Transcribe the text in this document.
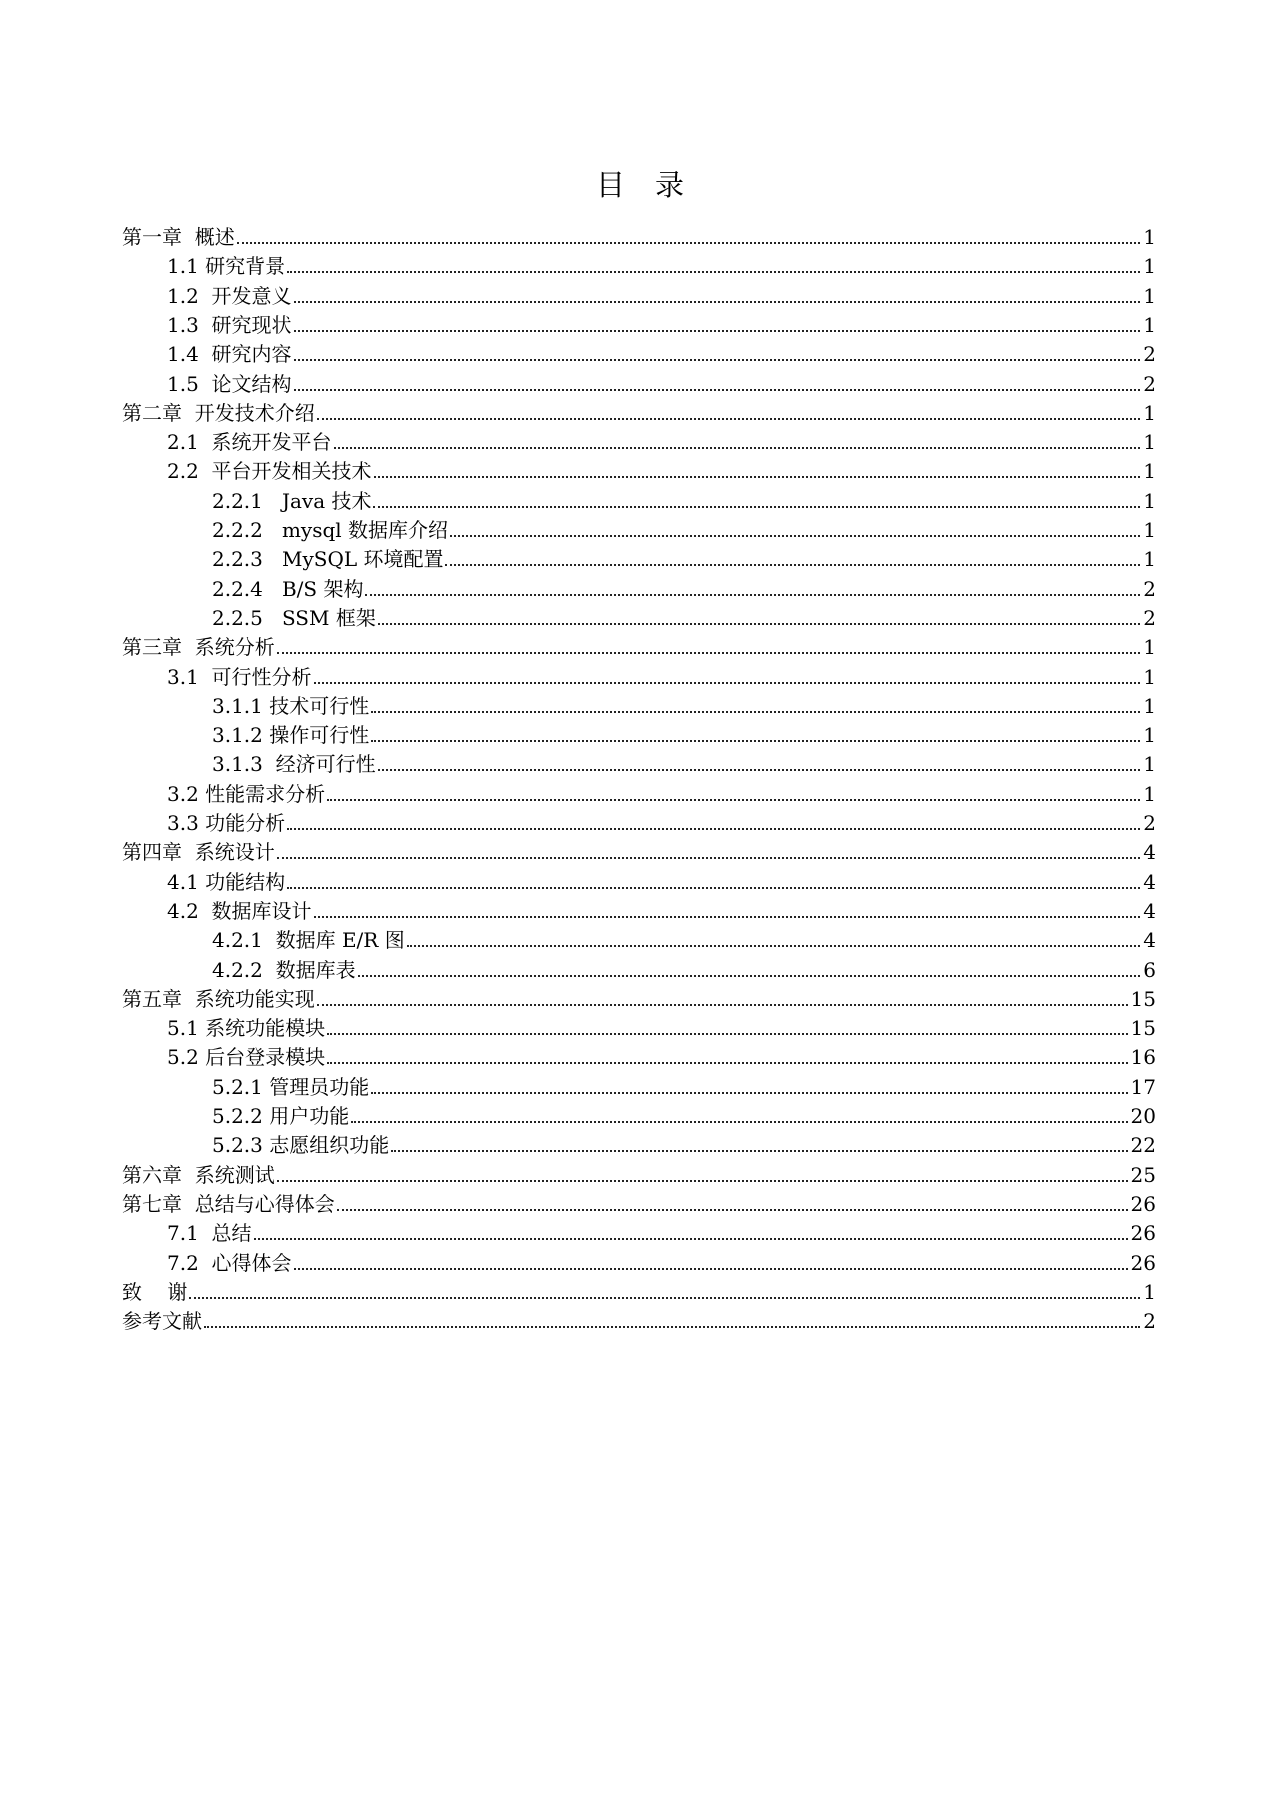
目录
第一章  概述	1
1.1 研究背景	1
1.2  开发意义	1
1.3  研究现状	1
1.4  研究内容	2
1.5  论文结构	2
第二章  开发技术介绍	1
2.1  系统开发平台	1
2.2  平台开发相关技术	1
2.2.1   Java 技术	1
2.2.2   mysql 数据库介绍	1
2.2.3   MySQL 环境配置	1
2.2.4   B/S 架构	2
2.2.5   SSM 框架	2
第三章  系统分析	1
3.1  可行性分析	1
3.1.1 技术可行性	1
3.1.2 操作可行性	1
3.1.3  经济可行性	1
3.2 性能需求分析	1
3.3 功能分析	2
第四章  系统设计	4
4.1 功能结构	4
4.2  数据库设计	4
4.2.1  数据库 E/R 图	4
4.2.2  数据库表	6
第五章  系统功能实现	15
5.1 系统功能模块	15
5.2 后台登录模块	16
5.2.1 管理员功能	17
5.2.2 用户功能	20
5.2.3 志愿组织功能	22
第六章  系统测试	25
第七章  总结与心得体会	26
7.1  总结	26
7.2  心得体会	26
致    谢	1
参考文献	2
